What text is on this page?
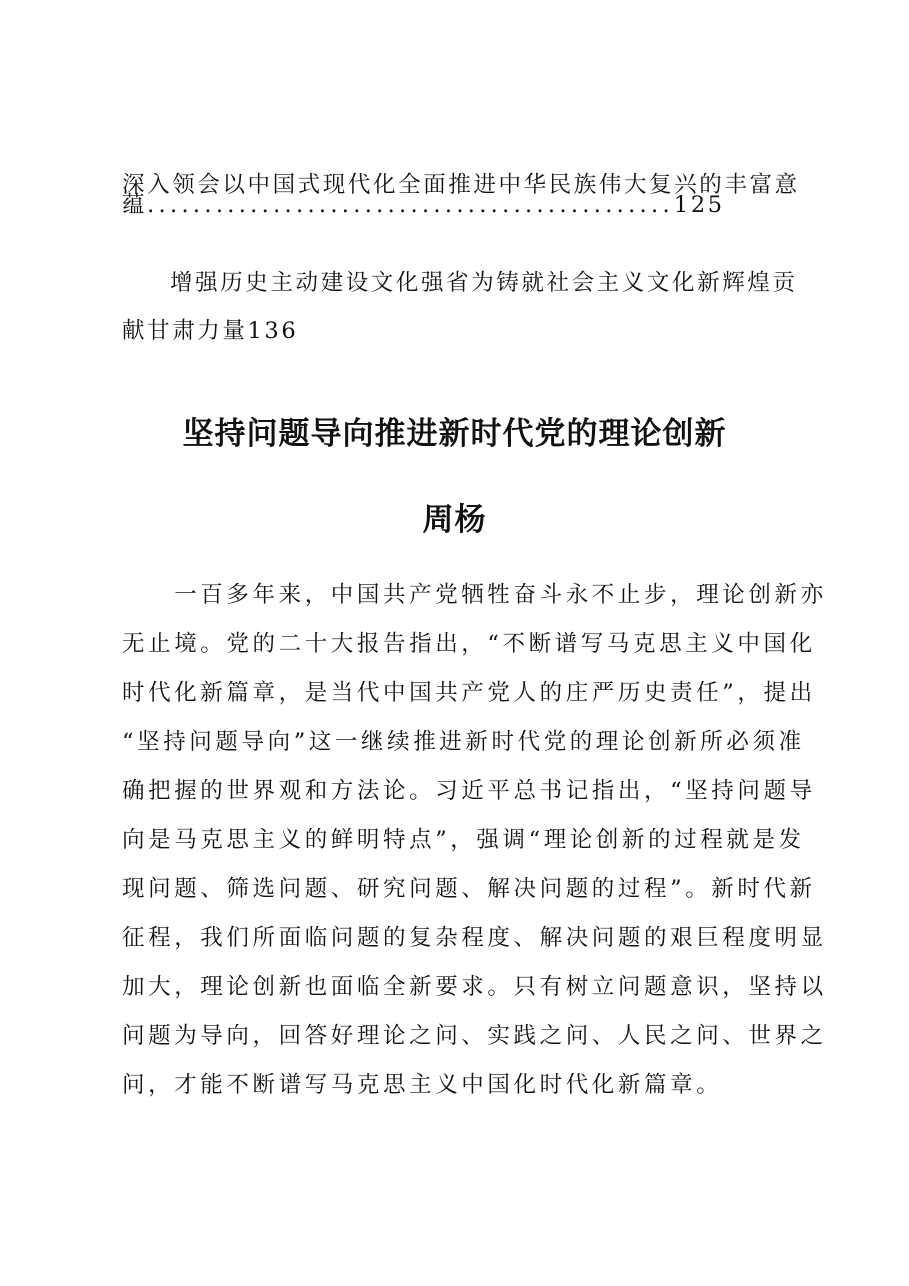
深入领会以中国式现代化全面推进中华民族伟大复兴的丰富意
蕴..............................................125
增强历史主动建设文化强省为铸就社会主义文化新辉煌贡
献甘肃力量136
坚持问题导向推进新时代党的理论创新
周杨
　　一百多年来，中国共产党牺牲奋斗永不止步，理论创新亦
无止境。党的二十大报告指出，“不断谱写马克思主义中国化
时代化新篇章，是当代中国共产党人的庄严历史责任”，提出
“坚持问题导向”这一继续推进新时代党的理论创新所必须准
确把握的世界观和方法论。习近平总书记指出，“坚持问题导
向是马克思主义的鲜明特点”，强调“理论创新的过程就是发
现问题、筛选问题、研究问题、解决问题的过程”。新时代新
征程，我们所面临问题的复杂程度、解决问题的艰巨程度明显
加大，理论创新也面临全新要求。只有树立问题意识，坚持以
问题为导向，回答好理论之问、实践之问、人民之问、世界之
问，才能不断谱写马克思主义中国化时代化新篇章。
